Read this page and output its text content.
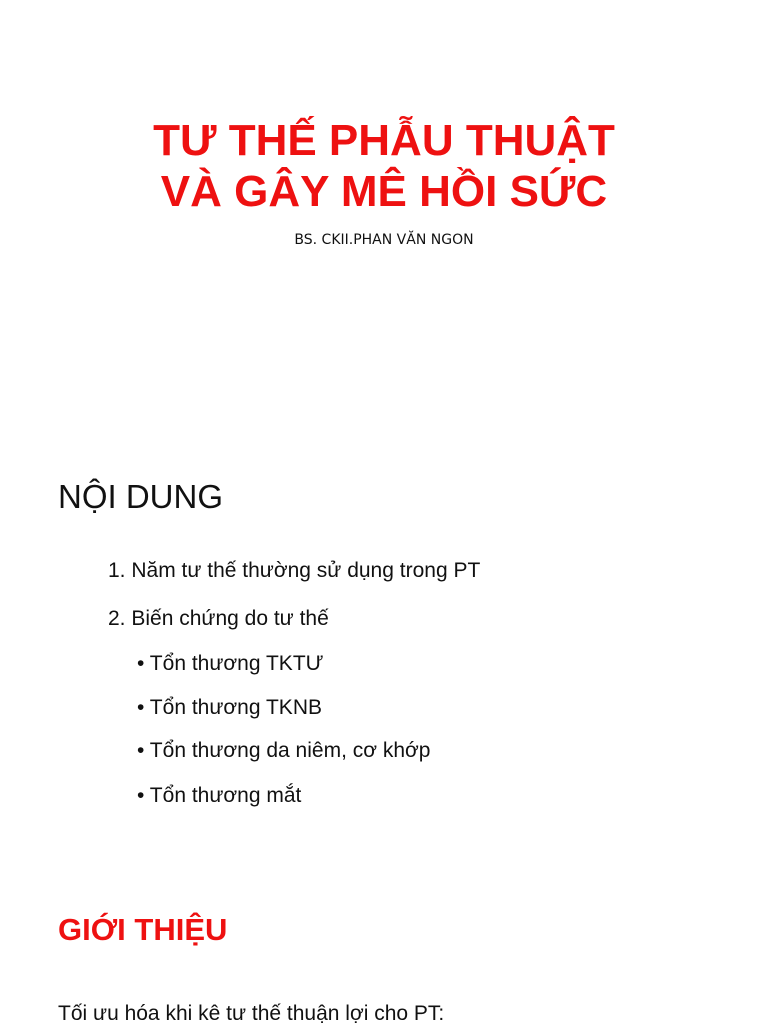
TƯ THẾ PHẪU THUẬT
VÀ GÂY MÊ HỒI SỨC
BS. CKII.PHAN VĂN NGON
NỘI DUNG
1. Năm tư thế thường sử dụng trong PT
2. Biến chứng do tư thế
• Tổn thương TKTƯ
• Tổn thương TKNB
• Tổn thương da niêm, cơ khớp
• Tổn thương mắt
GIỚI THIỆU
Tối ưu hóa khi kê tư thế thuận lợi cho PT:
